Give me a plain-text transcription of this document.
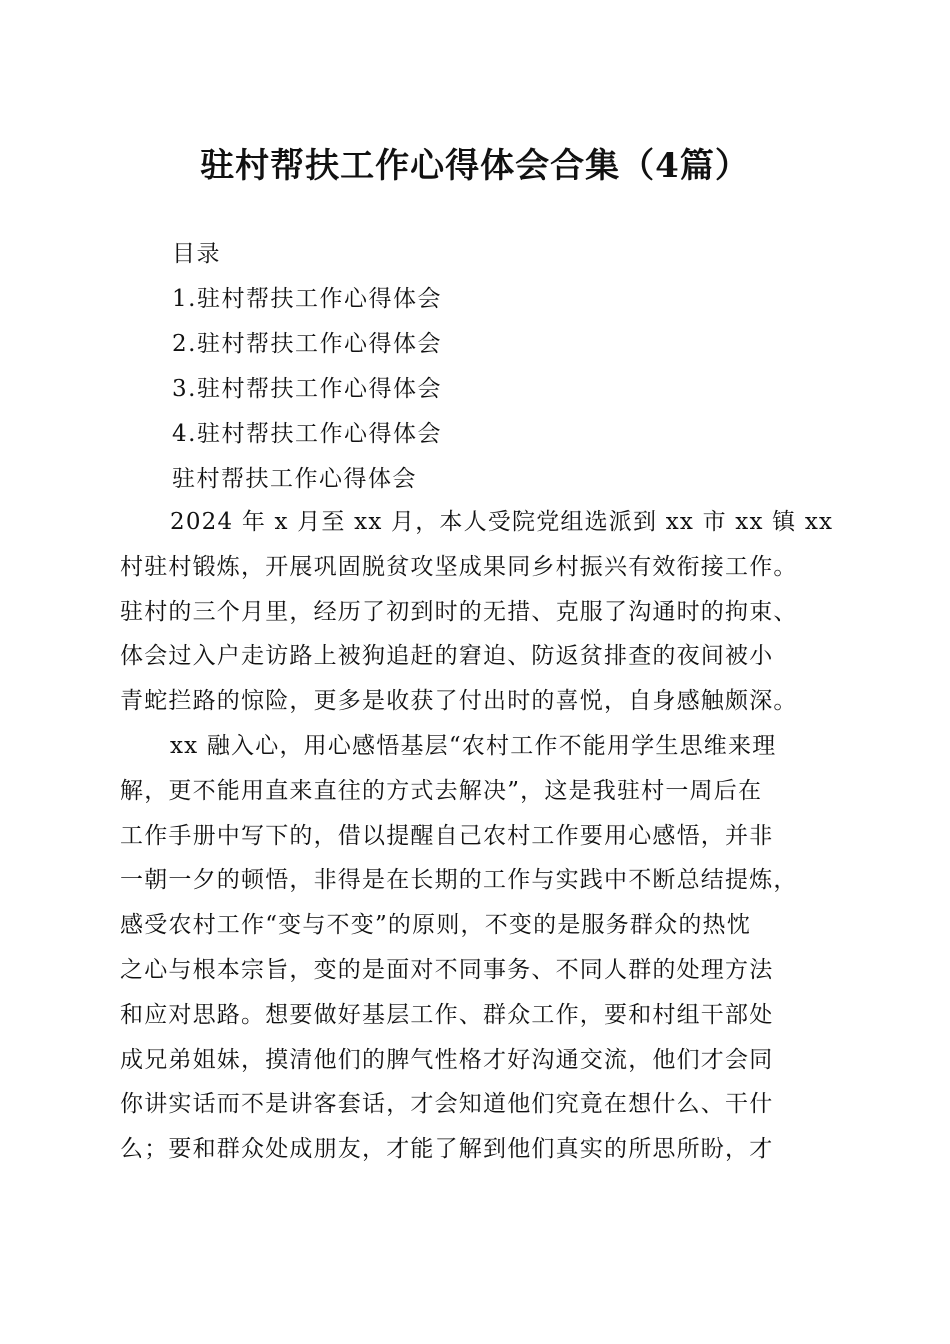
驻村帮扶工作心得体会合集（4篇）
目录
1.驻村帮扶工作心得体会
2.驻村帮扶工作心得体会
3.驻村帮扶工作心得体会
4.驻村帮扶工作心得体会
驻村帮扶工作心得体会
2024 年 x 月至 xx 月，本人受院党组选派到 xx 市 xx 镇 xx
村驻村锻炼，开展巩固脱贫攻坚成果同乡村振兴有效衔接工作。
驻村的三个月里，经历了初到时的无措、克服了沟通时的拘束、
体会过入户走访路上被狗追赶的窘迫、防返贫排查的夜间被小
青蛇拦路的惊险，更多是收获了付出时的喜悦，自身感触颇深。
xx 融入心，用心感悟基层“农村工作不能用学生思维来理
解，更不能用直来直往的方式去解决”，这是我驻村一周后在
工作手册中写下的，借以提醒自己农村工作要用心感悟，并非
一朝一夕的顿悟，非得是在长期的工作与实践中不断总结提炼，
感受农村工作“变与不变”的原则，不变的是服务群众的热忱
之心与根本宗旨，变的是面对不同事务、不同人群的处理方法
和应对思路。想要做好基层工作、群众工作，要和村组干部处
成兄弟姐妹，摸清他们的脾气性格才好沟通交流，他们才会同
你讲实话而不是讲客套话，才会知道他们究竟在想什么、干什
么；要和群众处成朋友，才能了解到他们真实的所思所盼，才
